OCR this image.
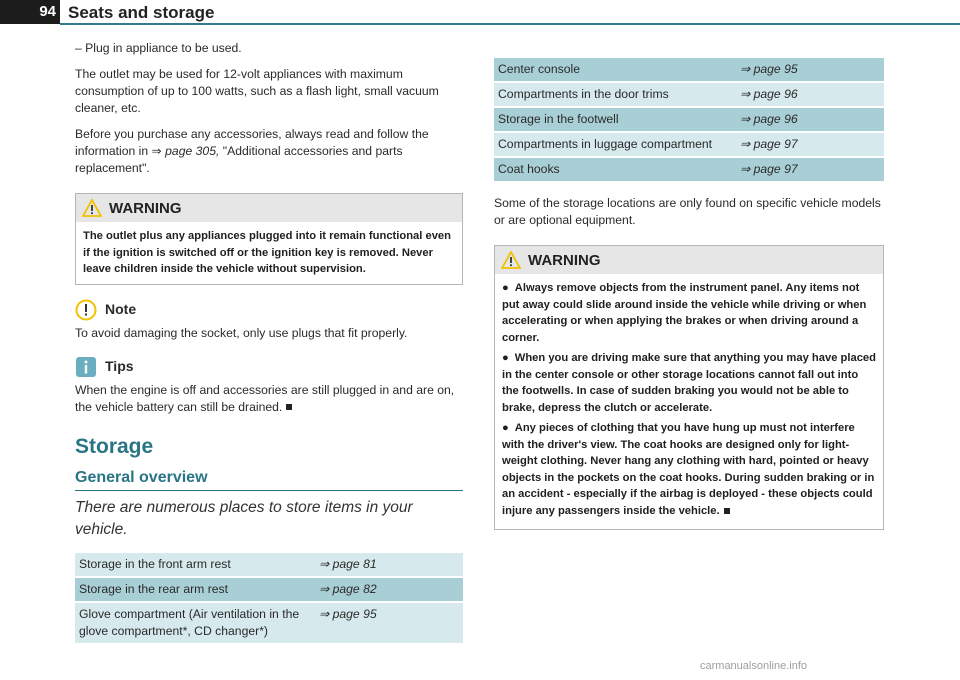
94 Seats and storage

– Plug in appliance to be used.

The outlet may be used for 12-volt appliances with maximum consumption of up to 100 watts, such as a flash light, small vacuum cleaner, etc.

Before you purchase any accessories, always read and follow the information in ⇒ page 305, "Additional accessories and parts replacement".

WARNING
The outlet plus any appliances plugged into it remain functional even if the ignition is switched off or the ignition key is removed. Never leave children inside the vehicle without supervision.
Note

To avoid damaging the socket, only use plugs that fit properly.

Tips

When the engine is off and accessories are still plugged in and are on, the vehicle battery can still be drained.

Storage
General overview
There are numerous places to store items in your vehicle.
Storage in the front arm rest	⇒ page 81
Storage in the rear arm rest	⇒ page 82
Glove compartment (Air ventilation in the glove compartment*, CD changer*)	⇒ page 95
Center console	⇒ page 95
Compartments in the door trims	⇒ page 96
Storage in the footwell	⇒ page 96
Compartments in luggage compartment	⇒ page 97
Coat hooks	⇒ page 97

Some of the storage locations are only found on specific vehicle models or are optional equipment.

WARNING
● Always remove objects from the instrument panel. Any items not put away could slide around inside the vehicle while driving or when accelerating or when applying the brakes or when driving around a corner.
● When you are driving make sure that anything you may have placed in the center console or other storage locations cannot fall out into the footwells. In case of sudden braking you would not be able to brake, depress the clutch or accelerate.
● Any pieces of clothing that you have hung up must not interfere with the driver's view. The coat hooks are designed only for light-weight clothing. Never hang any clothing with hard, pointed or heavy objects in the pockets on the coat hooks. During sudden braking or in an accident - especially if the airbag is deployed - these objects could injure any passengers inside the vehicle.
carmanualsonline.info
